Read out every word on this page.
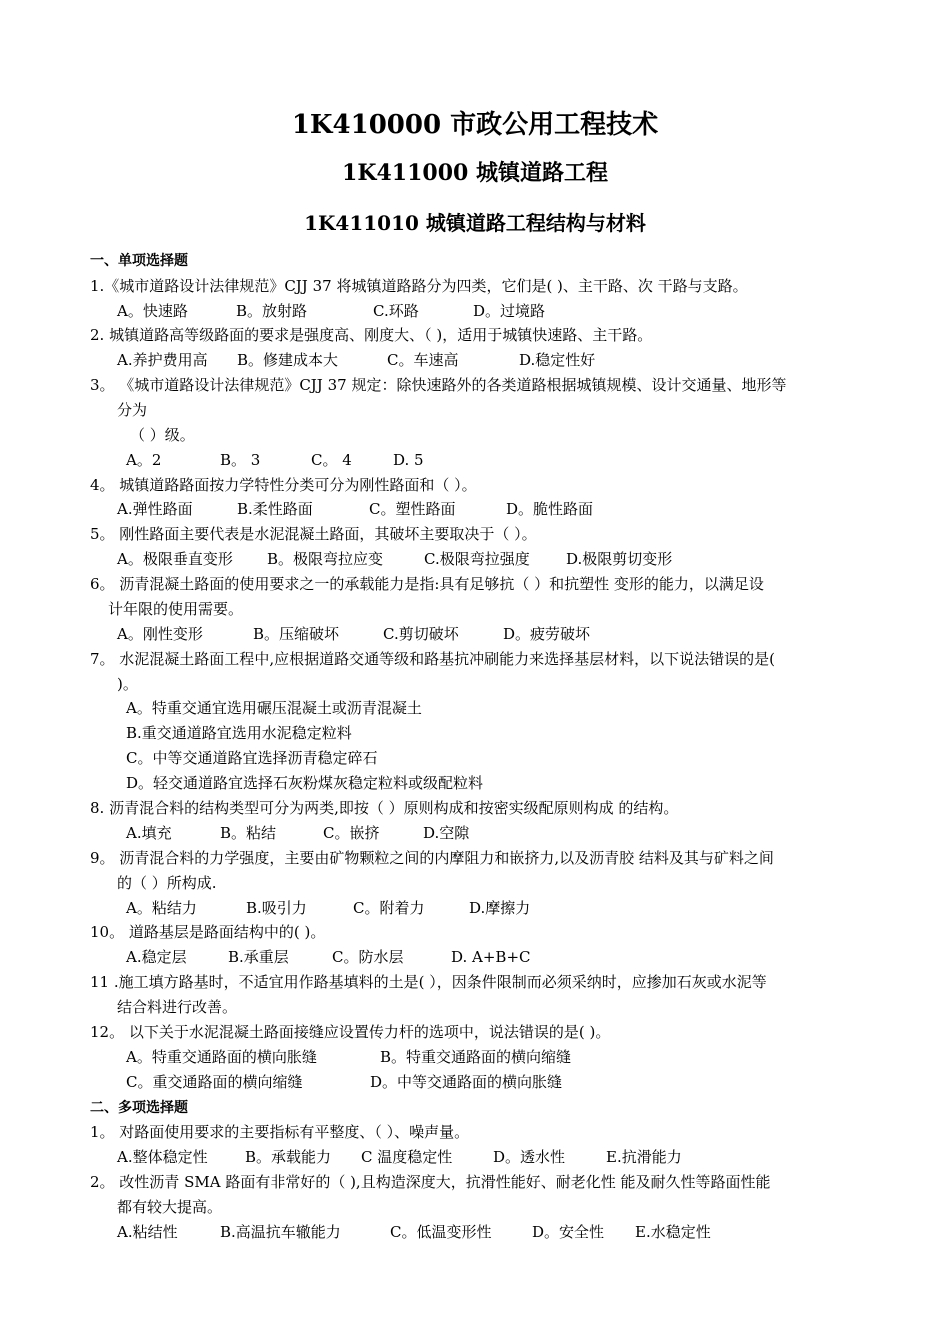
1K410000 市政公用工程技术
1K411000 城镇道路工程
1K411010 城镇道路工程结构与材料
一、单项选择题
1.《城市道路设计法律规范》CJJ 37 将城镇道路路分为四类，它们是( )、主干路、次 干路与支路。
A。快速路	B。放射路	C.环路	D。过境路
2. 城镇道路高等级路面的要求是强度高、刚度大、（ )，适用于城镇快速路、主干路。
A.养护费用高 B。修建成本大	C。车速高	D.稳定性好
3。 《城市道路设计法律规范》CJJ 37 规定：除快速路外的各类道路根据城镇规模、设计交通量、地形等
分为
（ ）级。
A。2	B。 3	C。 4	D. 5
4。 城镇道路路面按力学特性分类可分为刚性路面和（ ）。
A.弹性路面	B.柔性路面	C。塑性路面	D。脆性路面
5。 刚性路面主要代表是水泥混凝土路面，其破坏主要取决于（ ）。
A。极限垂直变形 B。极限弯拉应变	C.极限弯拉强度 D.极限剪切变形
6。 沥青混凝土路面的使用要求之一的承载能力是指:具有足够抗（ ）和抗塑性 变形的能力，以满足设
计年限的使用需要。
A。刚性变形	B。压缩破坏	C.剪切破坏	D。疲劳破坏
7。 水泥混凝土路面工程中,应根据道路交通等级和路基抗冲刷能力来选择基层材料，以下说法错误的是(
)。
A。特重交通宜选用碾压混凝土或沥青混凝土
B.重交通道路宜选用水泥稳定粒料
C。中等交通道路宜选择沥青稳定碎石
D。轻交通道路宜选择石灰粉煤灰稳定粒料或级配粒料
8. 沥青混合料的结构类型可分为两类,即按（ ）原则构成和按密实级配原则构成 的结构。
A.填充	B。粘结	C。嵌挤	D.空隙
9。 沥青混合料的力学强度，主要由矿物颗粒之间的内摩阻力和嵌挤力,以及沥青胶 结料及其与矿料之间
的（ ）所构成.
A。粘结力	B.吸引力	C。附着力	D.摩擦力
10。 道路基层是路面结构中的( )。
A.稳定层	B.承重层	C。防水层	D. A+B+C
11 .施工填方路基时，不适宜用作路基填料的土是( ），因条件限制而必须采纳时，应掺加石灰或水泥等
结合料进行改善。
12。 以下关于水泥混凝土路面接缝应设置传力杆的选项中，说法错误的是( )。
A。特重交通路面的横向胀缝	B。特重交通路面的横向缩缝
C。重交通路面的横向缩缝	D。中等交通路面的横向胀缝
二、多项选择题
1。 对路面使用要求的主要指标有平整度、（ ）、噪声量。
A.整体稳定性 B。承载能力 C 温度稳定性	D。透水性	E.抗滑能力
2。 改性沥青 SMA 路面有非常好的（ ),且构造深度大，抗滑性能好、耐老化性 能及耐久性等路面性能
都有较大提高。
A.粘结性	B.高温抗车辙能力	C。低温变形性	D。安全性 E.水稳定性
